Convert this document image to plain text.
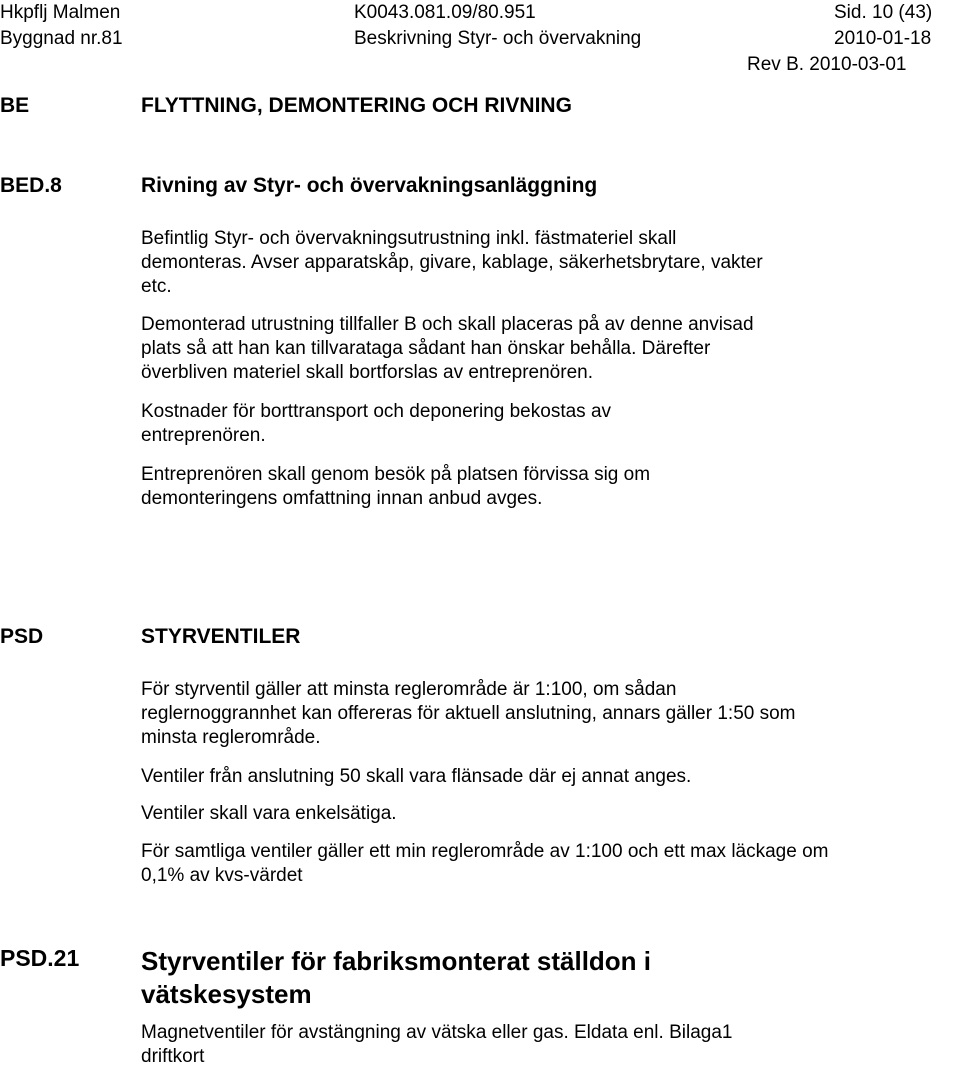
Hkpflj Malmen
Byggnad nr.81
K0043.081.09/80.951
Beskrivning Styr- och övervakning
Sid. 10 (43)
2010-01-18
Rev B. 2010-03-01
BE	FLYTTNING, DEMONTERING OCH RIVNING
BED.8	Rivning av Styr- och övervakningsanläggning
Befintlig Styr- och övervakningsutrustning inkl. fästmateriel skall demonteras. Avser apparatskåp, givare, kablage, säkerhetsbrytare, vakter etc.
Demonterad utrustning tillfaller B och skall placeras på av denne anvisad plats så att han kan tillvarataga sådant han önskar behålla. Därefter överbliven materiel skall bortforslas av entreprenören.
Kostnader för borttransport och deponering bekostas av entreprenören.
Entreprenören skall genom besök på platsen förvissa sig om demonteringens omfattning innan anbud avges.
PSD	STYRVENTILER
För styrventil gäller att minsta reglerområde är 1:100, om sådan reglernoggrannhet kan offereras för aktuell anslutning, annars gäller 1:50 som minsta reglerområde.
Ventiler från anslutning 50 skall vara flänsade där ej annat anges.
Ventiler skall vara enkelsätiga.
För samtliga ventiler gäller ett min reglerområde av 1:100 och ett max läckage om 0,1% av kvs-värdet
PSD.21 Styrventiler för fabriksmonterat ställdon i vätskesystem
Magnetventiler för avstängning av vätska eller gas. Eldata enl. Bilaga1 driftkort
